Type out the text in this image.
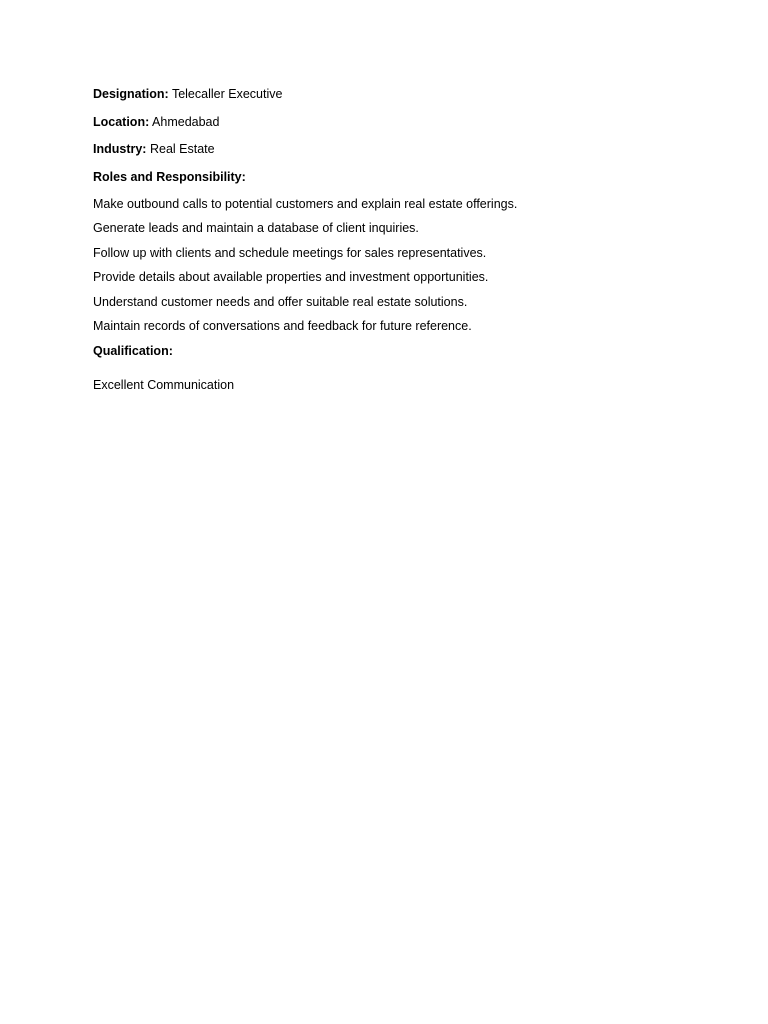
Designation: Telecaller Executive
Location: Ahmedabad
Industry: Real Estate
Roles and Responsibility:
Make outbound calls to potential customers and explain real estate offerings.
Generate leads and maintain a database of client inquiries.
Follow up with clients and schedule meetings for sales representatives.
Provide details about available properties and investment opportunities.
Understand customer needs and offer suitable real estate solutions.
Maintain records of conversations and feedback for future reference.
Qualification:
Excellent Communication
